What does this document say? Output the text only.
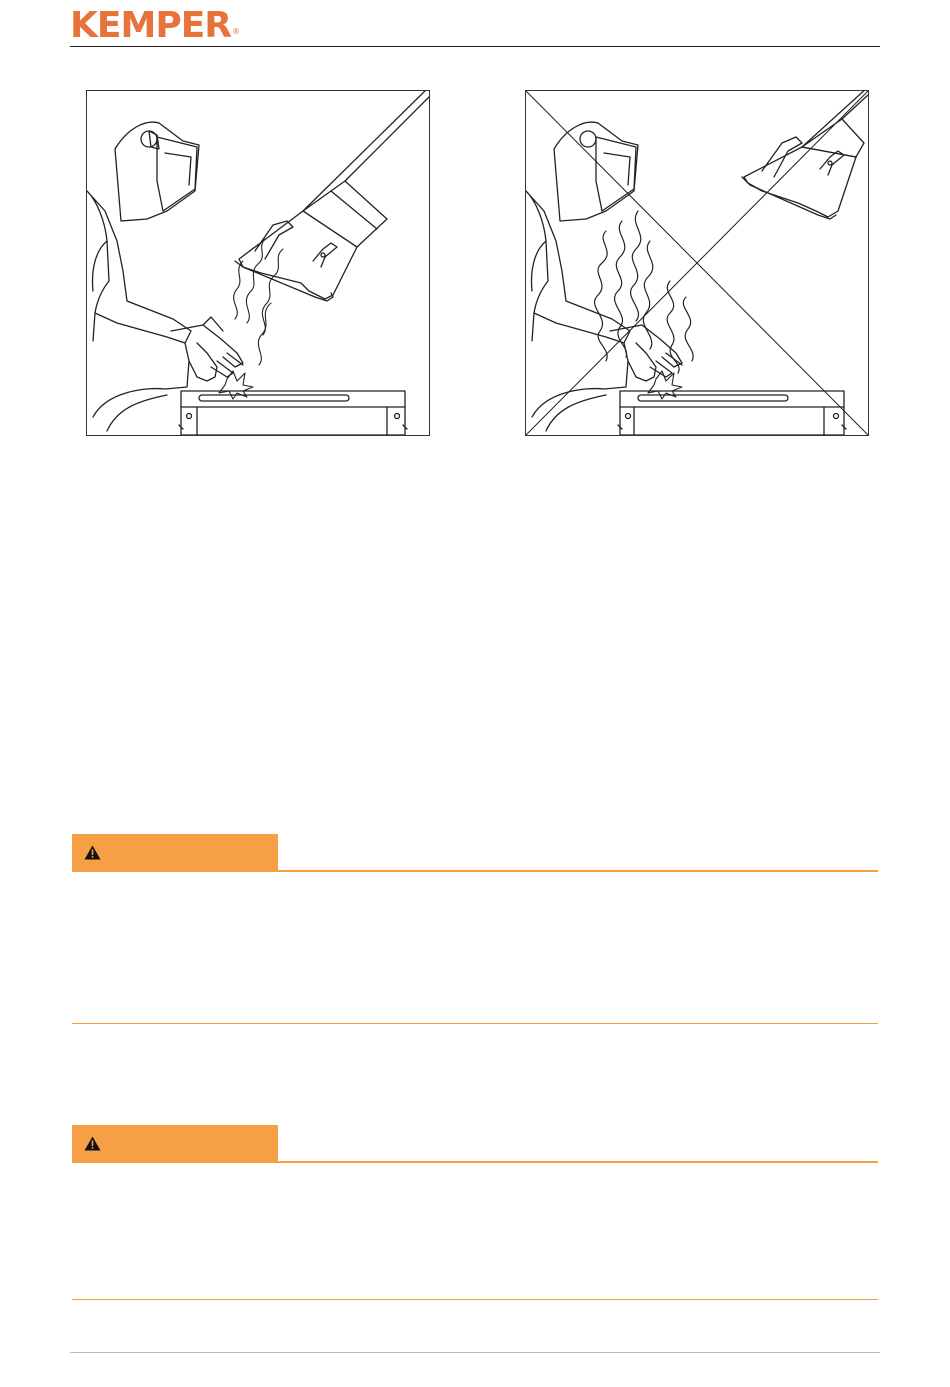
KEMPER®
